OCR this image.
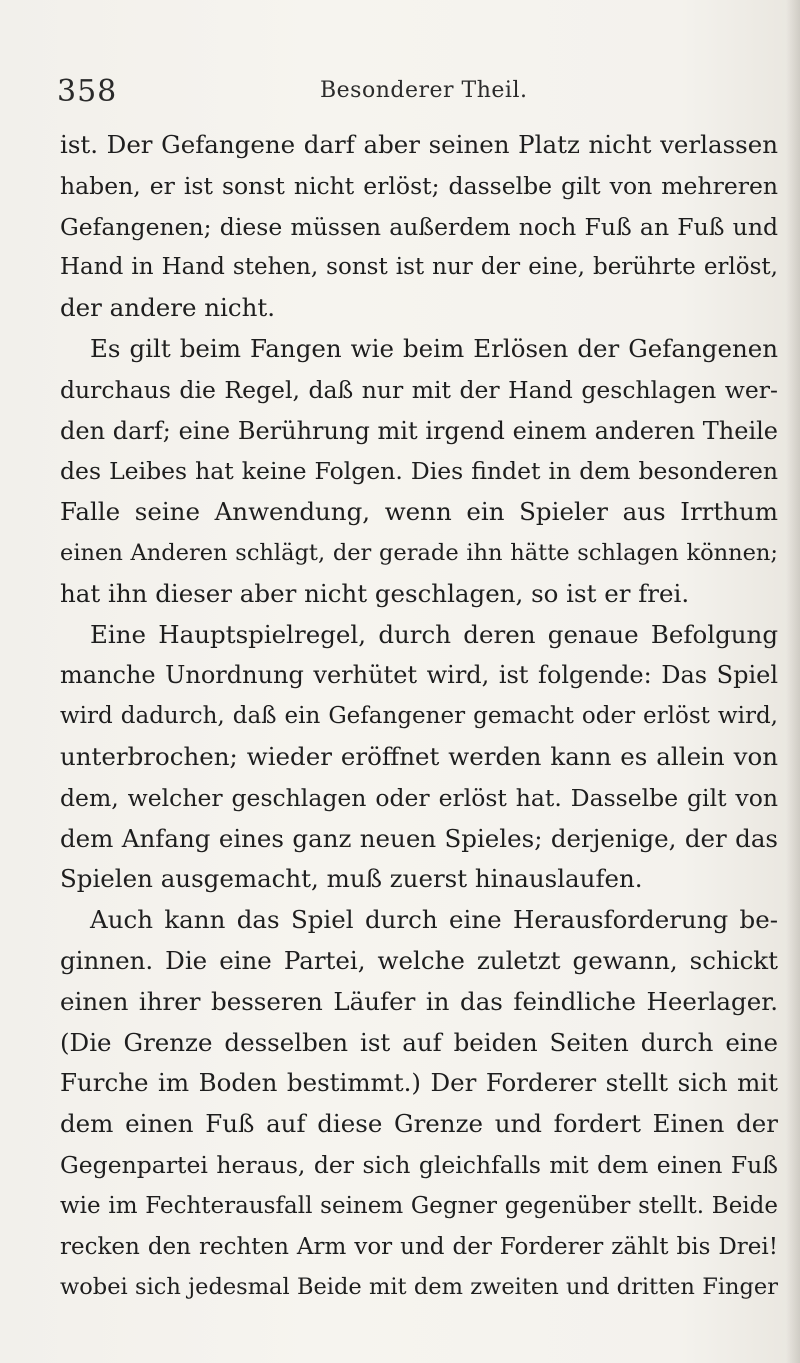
358	Besonderer Theil.
ist. Der Gefangene darf aber seinen Platz nicht verlassen
haben, er ist sonst nicht erlöst; dasselbe gilt von mehreren
Gefangenen; diese müssen außerdem noch Fuß an Fuß und
Hand in Hand stehen, sonst ist nur der eine, berührte erlöst,
der andere nicht.
Es gilt beim Fangen wie beim Erlösen der Gefangenen
durchaus die Regel, daß nur mit der Hand geschlagen wer-
den darf; eine Berührung mit irgend einem anderen Theile
des Leibes hat keine Folgen. Dies findet in dem besonderen
Falle seine Anwendung, wenn ein Spieler aus Irrthum
einen Anderen schlägt, der gerade ihn hätte schlagen können;
hat ihn dieser aber nicht geschlagen, so ist er frei.
Eine Hauptspielregel, durch deren genaue Befolgung
manche Unordnung verhütet wird, ist folgende: Das Spiel
wird dadurch, daß ein Gefangener gemacht oder erlöst wird,
unterbrochen; wieder eröffnet werden kann es allein von
dem, welcher geschlagen oder erlöst hat. Dasselbe gilt von
dem Anfang eines ganz neuen Spieles; derjenige, der das
Spielen ausgemacht, muß zuerst hinauslaufen.
Auch kann das Spiel durch eine Herausforderung be-
ginnen. Die eine Partei, welche zuletzt gewann, schickt
einen ihrer besseren Läufer in das feindliche Heerlager.
(Die Grenze desselben ist auf beiden Seiten durch eine
Furche im Boden bestimmt.) Der Forderer stellt sich mit
dem einen Fuß auf diese Grenze und fordert Einen der
Gegenpartei heraus, der sich gleichfalls mit dem einen Fuß
wie im Fechterausfall seinem Gegner gegenüber stellt. Beide
recken den rechten Arm vor und der Forderer zählt bis Drei!
wobei sich jedesmal Beide mit dem zweiten und dritten Finger
